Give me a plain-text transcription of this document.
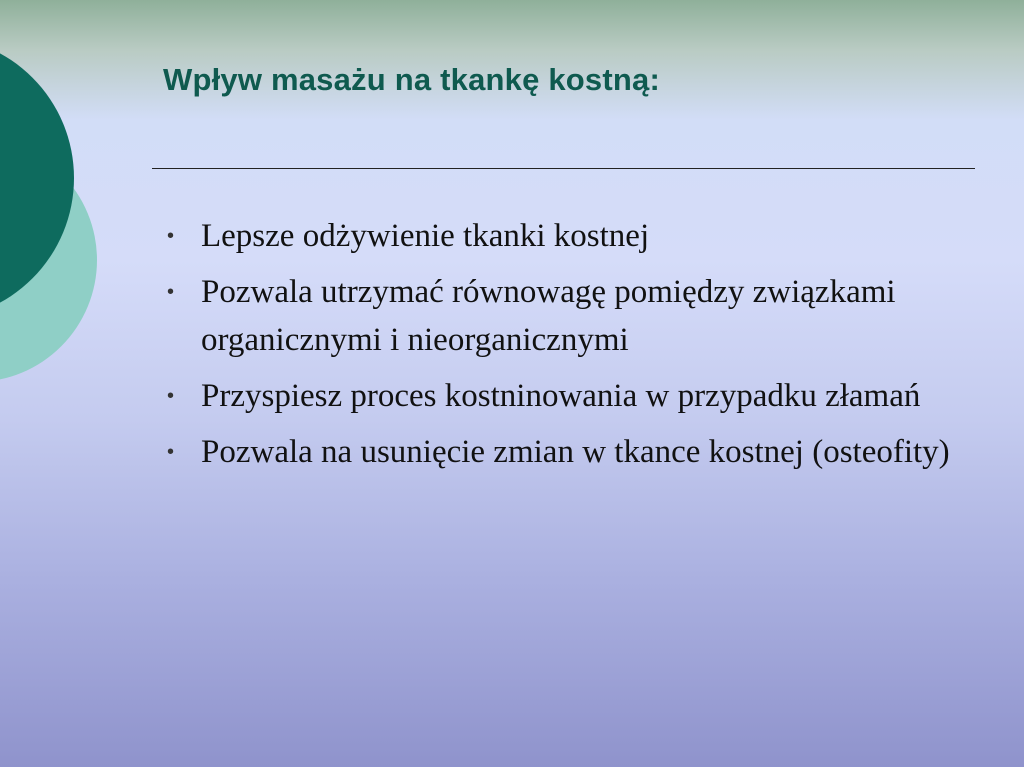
Wpływ masażu na tkankę kostną:
• Lepsze odżywienie tkanki kostnej
• Pozwala utrzymać równowagę pomiędzy związkami organicznymi i nieorganicznymi
• Przyspiesz proces kostninowania w przypadku złamań
• Pozwala na usunięcie zmian w tkance kostnej (osteofity)
